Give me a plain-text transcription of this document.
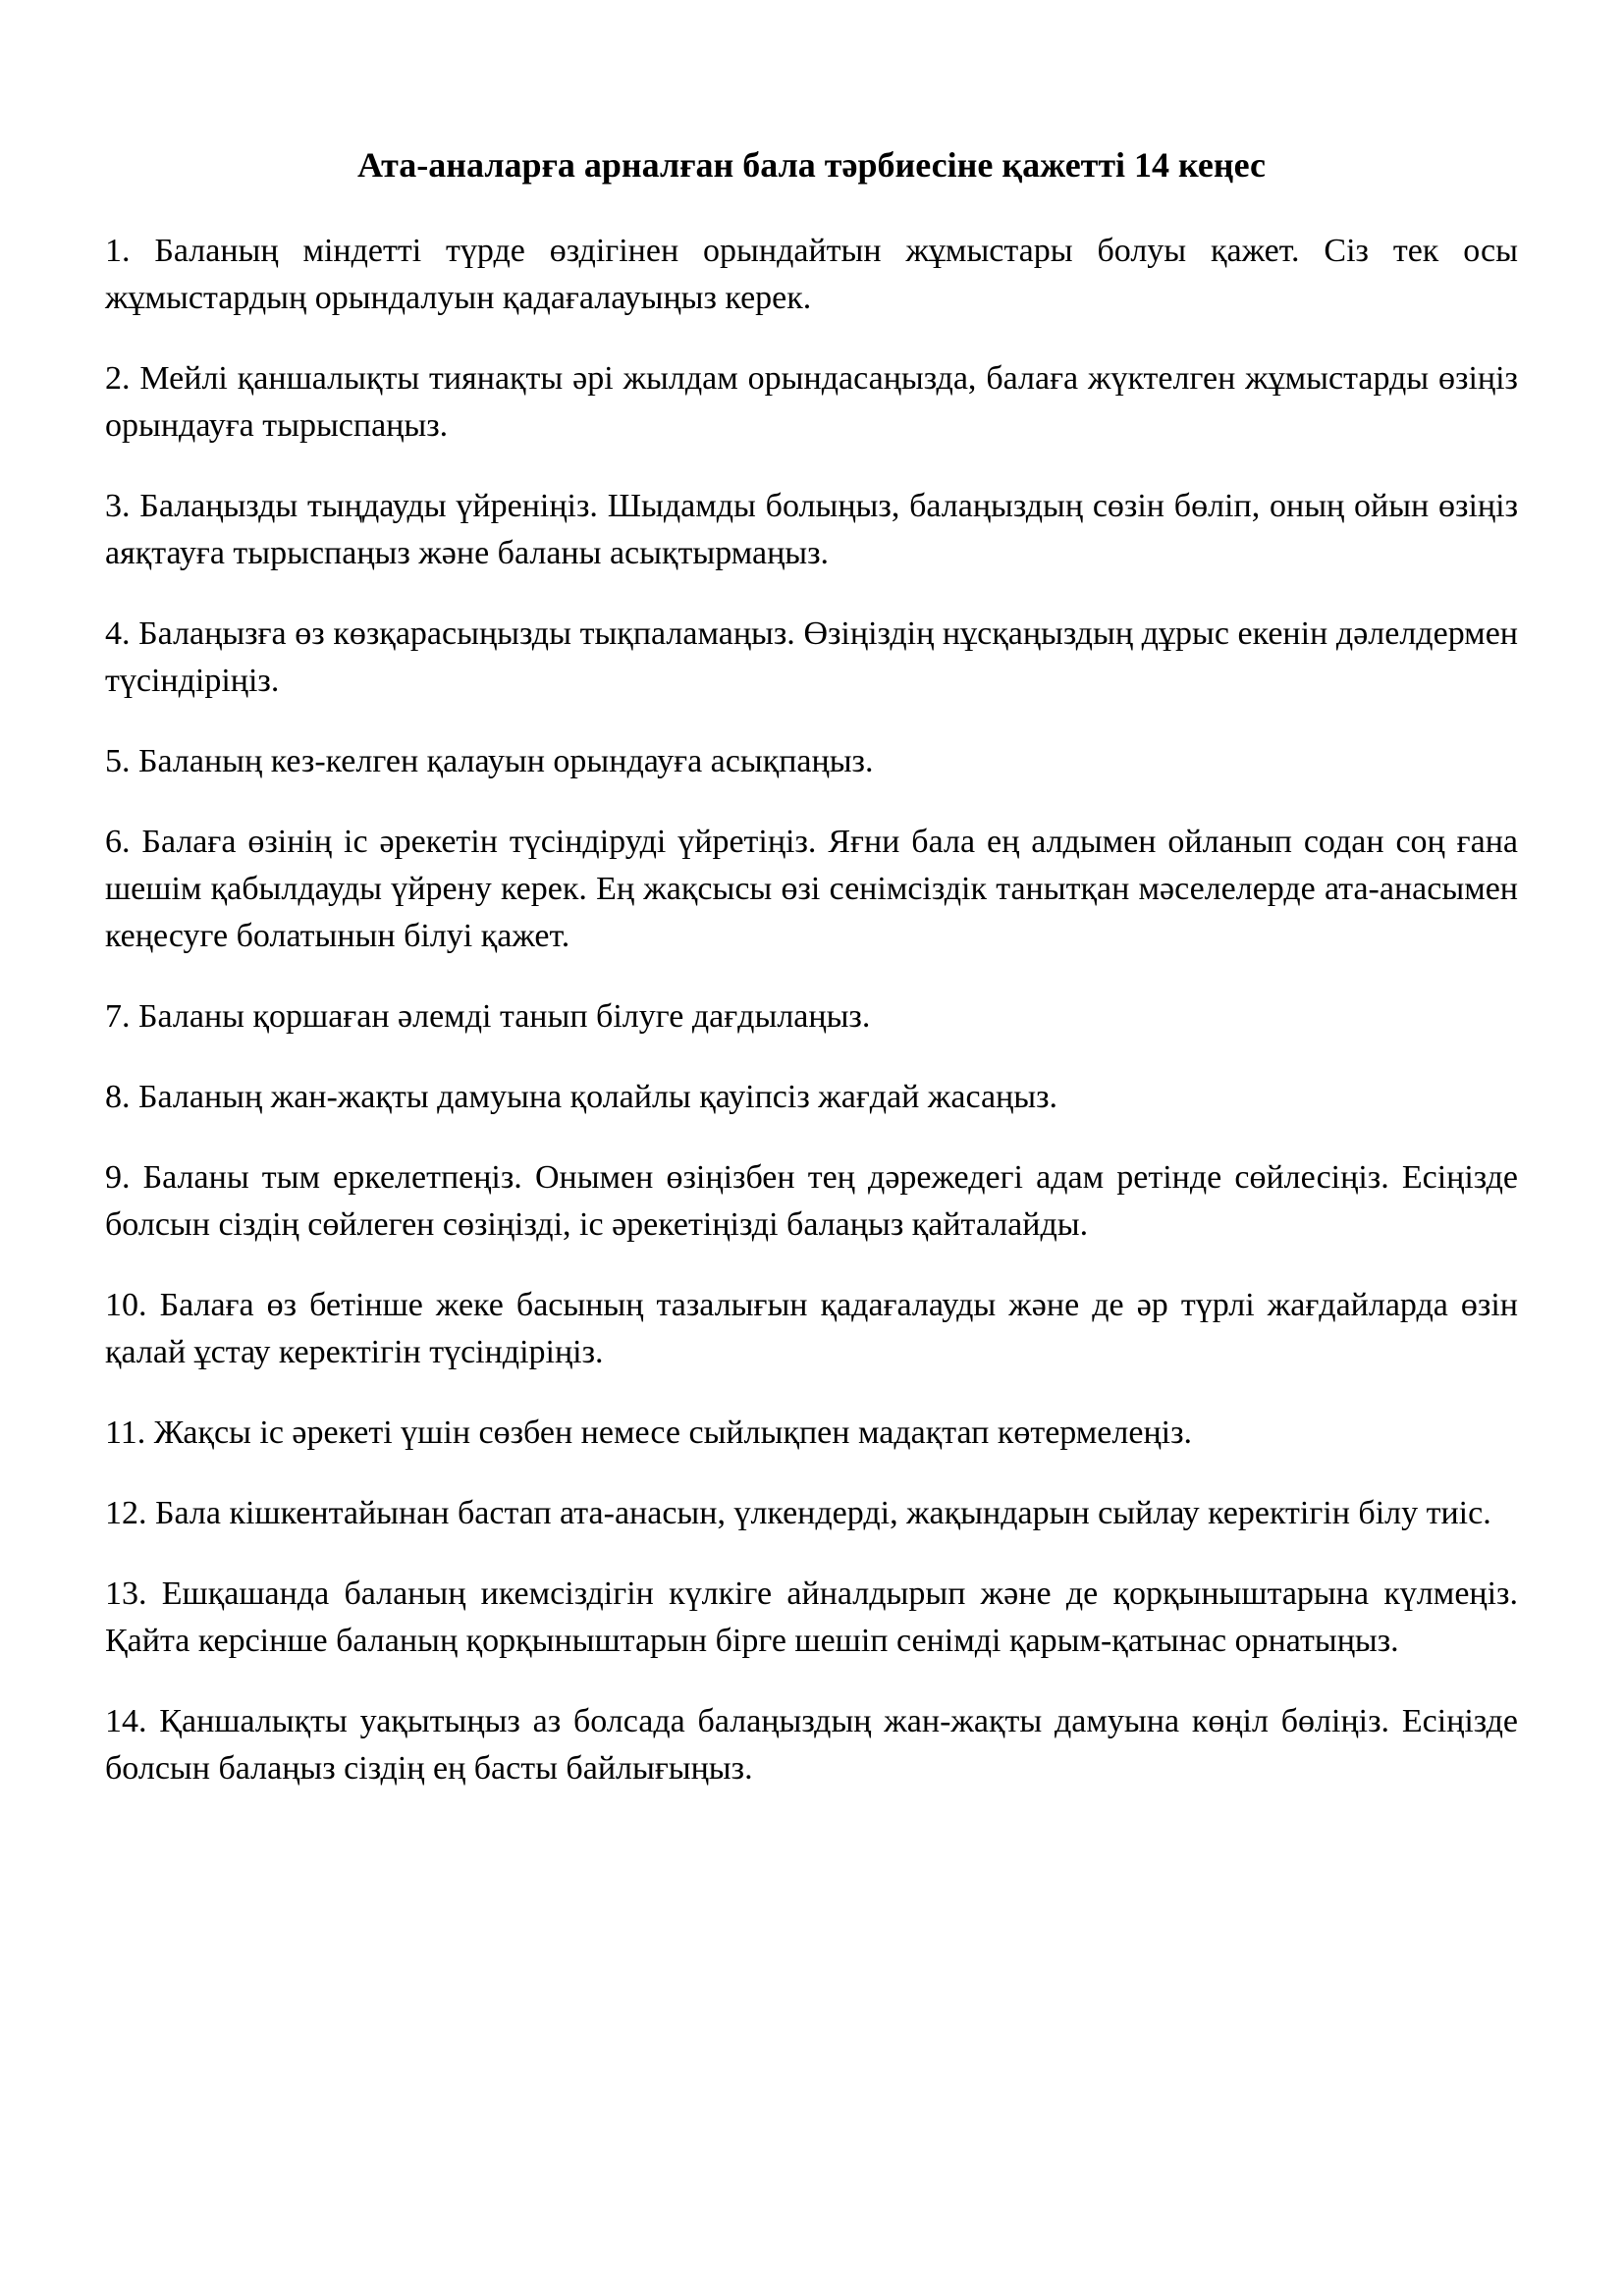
Ата-аналарға арналған бала тәрбиесіне қажетті 14 кеңес

1. Баланың міндетті түрде өздігінен орындайтын жұмыстары болуы қажет. Сіз тек осы жұмыстардың орындалуын қадағалауыңыз керек.

2. Мейлі қаншалықты тиянақты әрі жылдам орындасаңызда, балаға жүктелген жұмыстарды өзіңіз орындауға тырыспаңыз.

3. Балаңызды тыңдауды үйреніңіз. Шыдамды болыңыз, балаңыздың сөзін бөліп, оның ойын өзіңіз аяқтауға тырыспаңыз және баланы асықтырмаңыз.

4. Балаңызға өз көзқарасыңызды тықпаламаңыз. Өзіңіздің нұсқаңыздың дұрыс екенін дәлелдермен түсіндіріңіз.

5. Баланың кез-келген қалауын орындауға асықпаңыз.

6. Балаға өзінің іс әрекетін түсіндіруді үйретіңіз. Яғни бала ең алдымен ойланып содан соң ғана шешім қабылдауды үйрену керек. Ең жақсысы өзі сенімсіздік танытқан мәселелерде ата-анасымен кеңесуге болатынын білуі қажет.

7. Баланы қоршаған әлемді танып білуге дағдылаңыз.

8. Баланың жан-жақты дамуына қолайлы қауіпсіз жағдай жасаңыз.

9. Баланы тым еркелетпеңіз. Онымен өзіңізбен тең дәрежедегі адам ретінде сөйлесіңіз. Есіңізде болсын сіздің сөйлеген сөзіңізді, іс әрекетіңізді балаңыз қайталайды.

10. Балаға өз бетінше жеке басының тазалығын қадағалауды және де әр түрлі жағдайларда өзін қалай ұстау керектігін түсіндіріңіз.

11. Жақсы іс әрекеті үшін сөзбен немесе сыйлықпен мадақтап көтермелеңіз.

12. Бала кішкентайынан бастап ата-анасын, үлкендерді, жақындарын сыйлау керектігін білу тиіс.

13. Ешқашанда баланың икемсіздігін күлкіге айналдырып және де қорқыныштарына күлмеңіз. Қайта керсінше баланың қорқыныштарын бірге шешіп сенімді қарым-қатынас орнатыңыз.

14. Қаншалықты уақытыңыз аз болсада балаңыздың жан-жақты дамуына көңіл бөліңіз. Есіңізде болсын балаңыз сіздің ең басты байлығыңыз.
